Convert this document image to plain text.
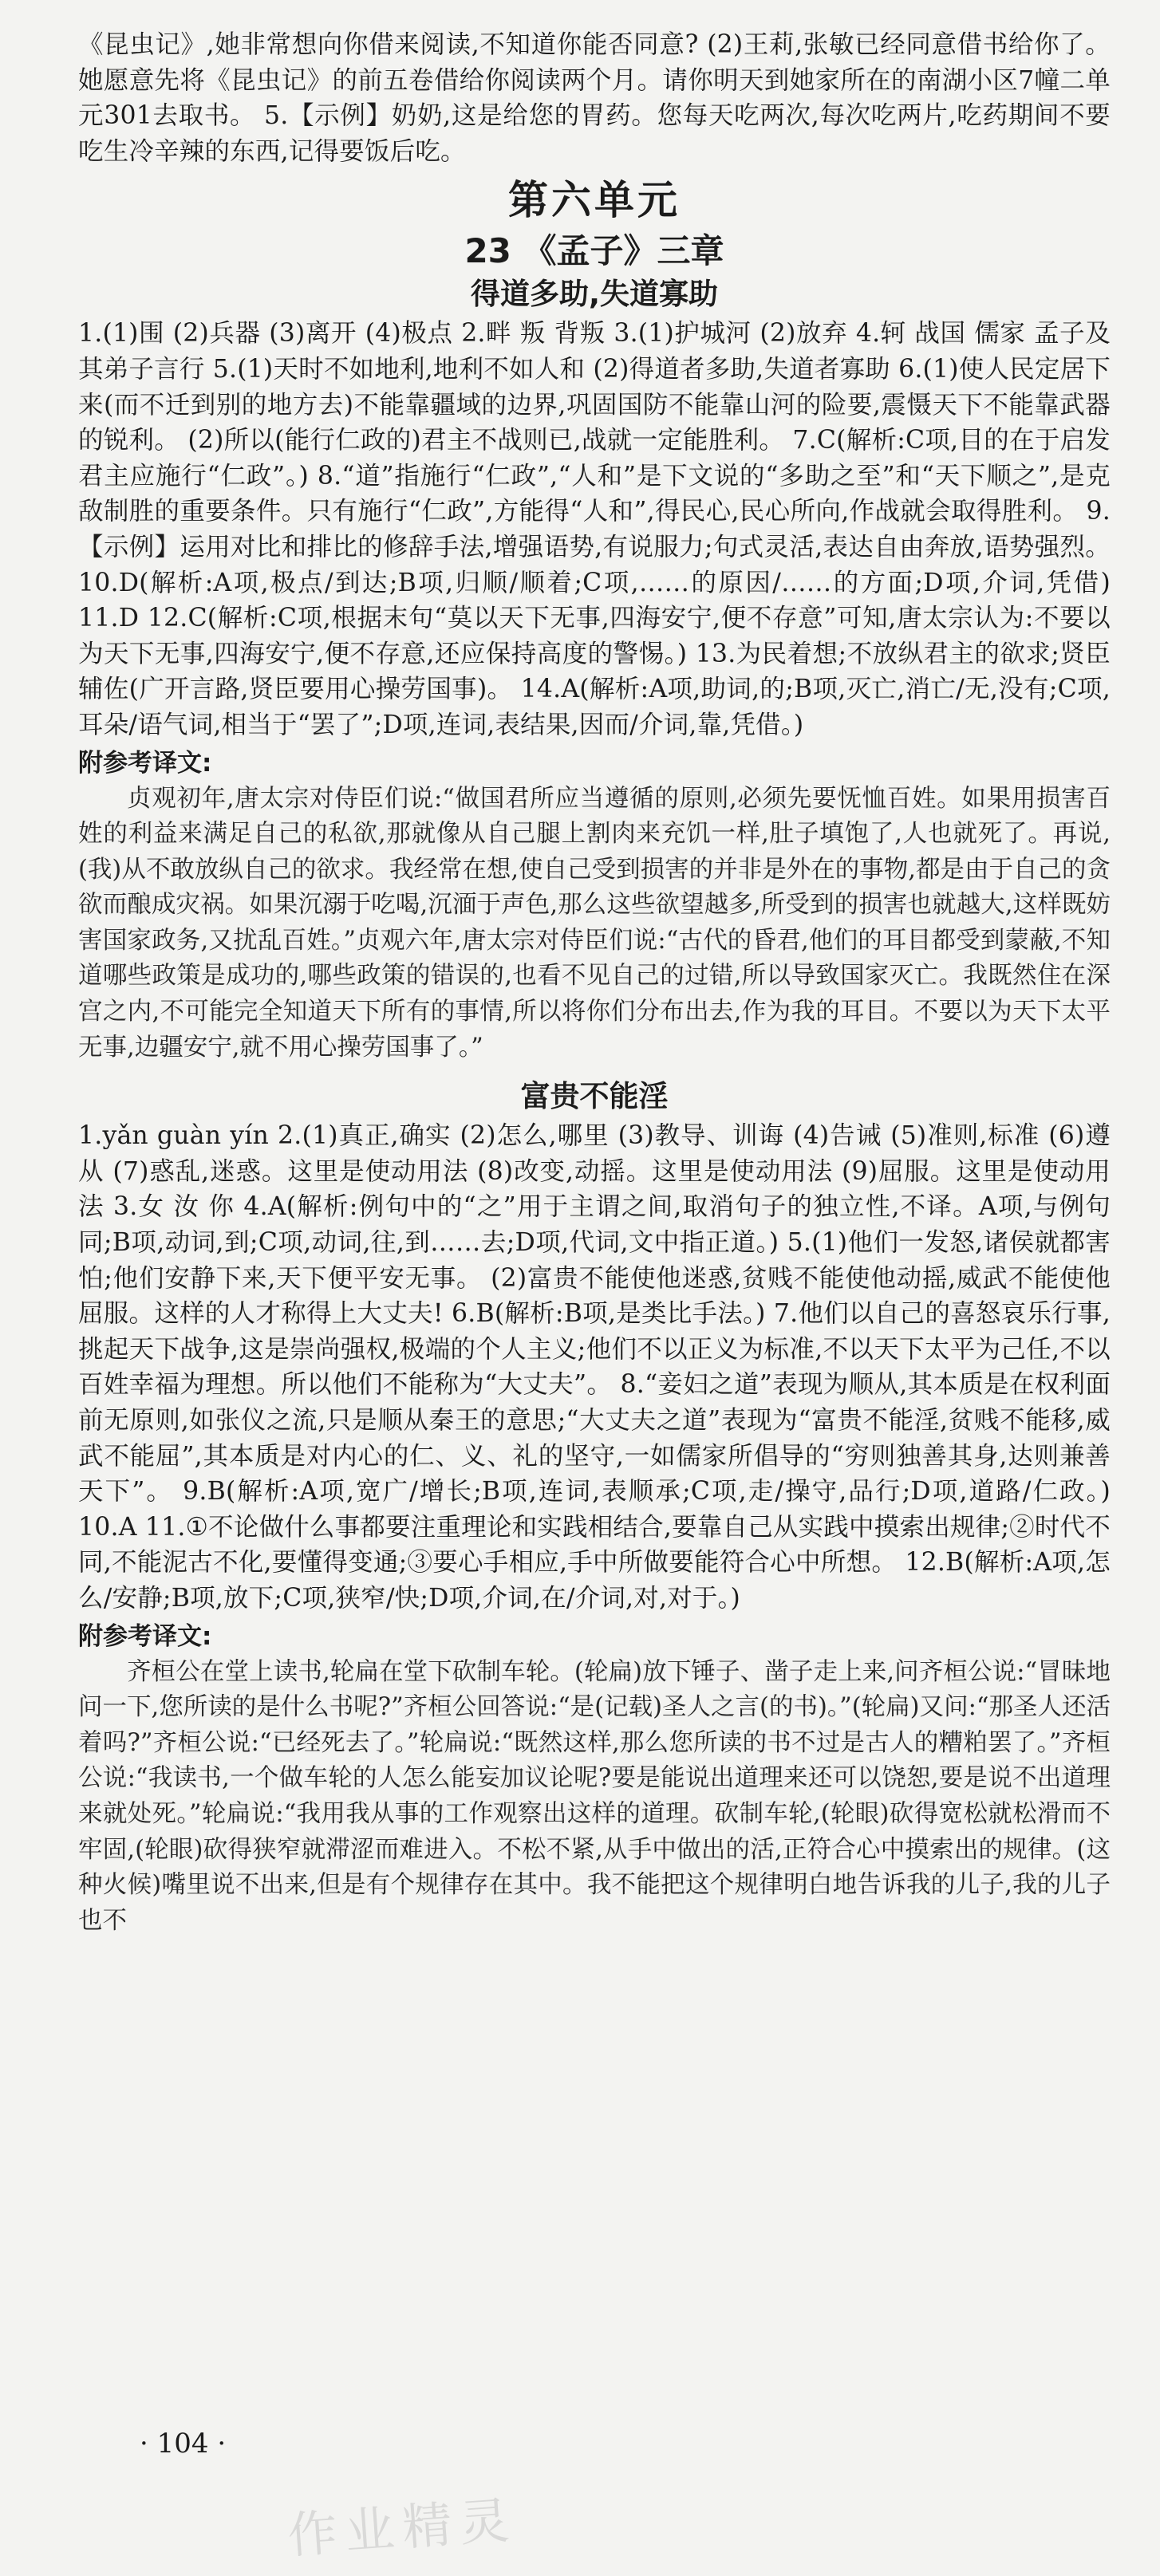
《昆虫记》,她非常想向你借来阅读,不知道你能否同意? (2)王莉,张敏已经同意借书给你了。她愿意先将《昆虫记》的前五卷借给你阅读两个月。请你明天到她家所在的南湖小区7幢二单元301去取书。 5.【示例】奶奶,这是给您的胃药。您每天吃两次,每次吃两片,吃药期间不要吃生冷辛辣的东西,记得要饭后吃。

第六单元
23 《孟子》三章
得道多助,失道寡助

1.(1)围 (2)兵器 (3)离开 (4)极点 2.畔 叛 背叛 3.(1)护城河 (2)放弃 4.轲 战国 儒家 孟子及其弟子言行 5.(1)天时不如地利,地利不如人和 (2)得道者多助,失道者寡助 6.(1)使人民定居下来(而不迁到别的地方去)不能靠疆域的边界,巩固国防不能靠山河的险要,震慑天下不能靠武器的锐利。 (2)所以(能行仁政的)君主不战则已,战就一定能胜利。 7.C(解析:C项,目的在于启发君主应施行“仁政”。) 8.“道”指施行“仁政”,“人和”是下文说的“多助之至”和“天下顺之”,是克敌制胜的重要条件。只有施行“仁政”,方能得“人和”,得民心,民心所向,作战就会取得胜利。 9.【示例】运用对比和排比的修辞手法,增强语势,有说服力;句式灵活,表达自由奔放,语势强烈。 10.D(解析:A项,极点/到达;B项,归顺/顺着;C项,……的原因/……的方面;D项,介词,凭借) 11.D 12.C(解析:C项,根据末句“莫以天下无事,四海安宁,便不存意”可知,唐太宗认为:不要以为天下无事,四海安宁,便不存意,还应保持高度的警惕。) 13.为民着想;不放纵君主的欲求;贤臣辅佐(广开言路,贤臣要用心操劳国事)。 14.A(解析:A项,助词,的;B项,灭亡,消亡/无,没有;C项,耳朵/语气词,相当于“罢了”;D项,连词,表结果,因而/介词,靠,凭借。)

附参考译文:

贞观初年,唐太宗对侍臣们说:“做国君所应当遵循的原则,必须先要怃恤百姓。如果用损害百姓的利益来满足自己的私欲,那就像从自己腿上割肉来充饥一样,肚子填饱了,人也就死了。再说,(我)从不敢放纵自己的欲求。我经常在想,使自己受到损害的并非是外在的事物,都是由于自己的贪欲而酿成灾祸。如果沉溺于吃喝,沉湎于声色,那么这些欲望越多,所受到的损害也就越大,这样既妨害国家政务,又扰乱百姓。”贞观六年,唐太宗对侍臣们说:“古代的昏君,他们的耳目都受到蒙蔽,不知道哪些政策是成功的,哪些政策的错误的,也看不见自己的过错,所以导致国家灭亡。我既然住在深宫之内,不可能完全知道天下所有的事情,所以将你们分布出去,作为我的耳目。不要以为天下太平无事,边疆安宁,就不用心操劳国事了。”

富贵不能淫

1.yǎn guàn yín 2.(1)真正,确实 (2)怎么,哪里 (3)教导、训诲 (4)告诫 (5)准则,标准 (6)遵从 (7)惑乱,迷惑。这里是使动用法 (8)改变,动摇。这里是使动用法 (9)屈服。这里是使动用法 3.女 汝 你 4.A(解析:例句中的“之”用于主谓之间,取消句子的独立性,不译。A项,与例句同;B项,动词,到;C项,动词,往,到……去;D项,代词,文中指正道。) 5.(1)他们一发怒,诸侯就都害怕;他们安静下来,天下便平安无事。 (2)富贵不能使他迷惑,贫贱不能使他动摇,威武不能使他屈服。这样的人才称得上大丈夫! 6.B(解析:B项,是类比手法。) 7.他们以自己的喜怒哀乐行事,挑起天下战争,这是崇尚强权,极端的个人主义;他们不以正义为标准,不以天下太平为己任,不以百姓幸福为理想。所以他们不能称为“大丈夫”。 8.“妾妇之道”表现为顺从,其本质是在权利面前无原则,如张仪之流,只是顺从秦王的意思;“大丈夫之道”表现为“富贵不能淫,贫贱不能移,威武不能屈”,其本质是对内心的仁、义、礼的坚守,一如儒家所倡导的“穷则独善其身,达则兼善天下”。 9.B(解析:A项,宽广/增长;B项,连词,表顺承;C项,走/操守,品行;D项,道路/仁政。) 10.A 11.①不论做什么事都要注重理论和实践相结合,要靠自己从实践中摸索出规律;②时代不同,不能泥古不化,要懂得变通;③要心手相应,手中所做要能符合心中所想。 12.B(解析:A项,怎么/安静;B项,放下;C项,狭窄/快;D项,介词,在/介词,对,对于。)

附参考译文:

齐桓公在堂上读书,轮扁在堂下砍制车轮。(轮扁)放下锤子、凿子走上来,问齐桓公说:“冒昧地问一下,您所读的是什么书呢?”齐桓公回答说:“是(记载)圣人之言(的书)。”(轮扁)又问:“那圣人还活着吗?”齐桓公说:“已经死去了。”轮扁说:“既然这样,那么您所读的书不过是古人的糟粕罢了。”齐桓公说:“我读书,一个做车轮的人怎么能妄加议论呢?要是能说出道理来还可以饶恕,要是说不出道理来就处死。”轮扁说:“我用我从事的工作观察出这样的道理。砍制车轮,(轮眼)砍得宽松就松滑而不牢固,(轮眼)砍得狭窄就滞涩而难进入。不松不紧,从手中做出的活,正符合心中摸索出的规律。(这种火候)嘴里说不出来,但是有个规律存在其中。我不能把这个规律明白地告诉我的儿子,我的儿子也不

· 104 ·
作业精灵
